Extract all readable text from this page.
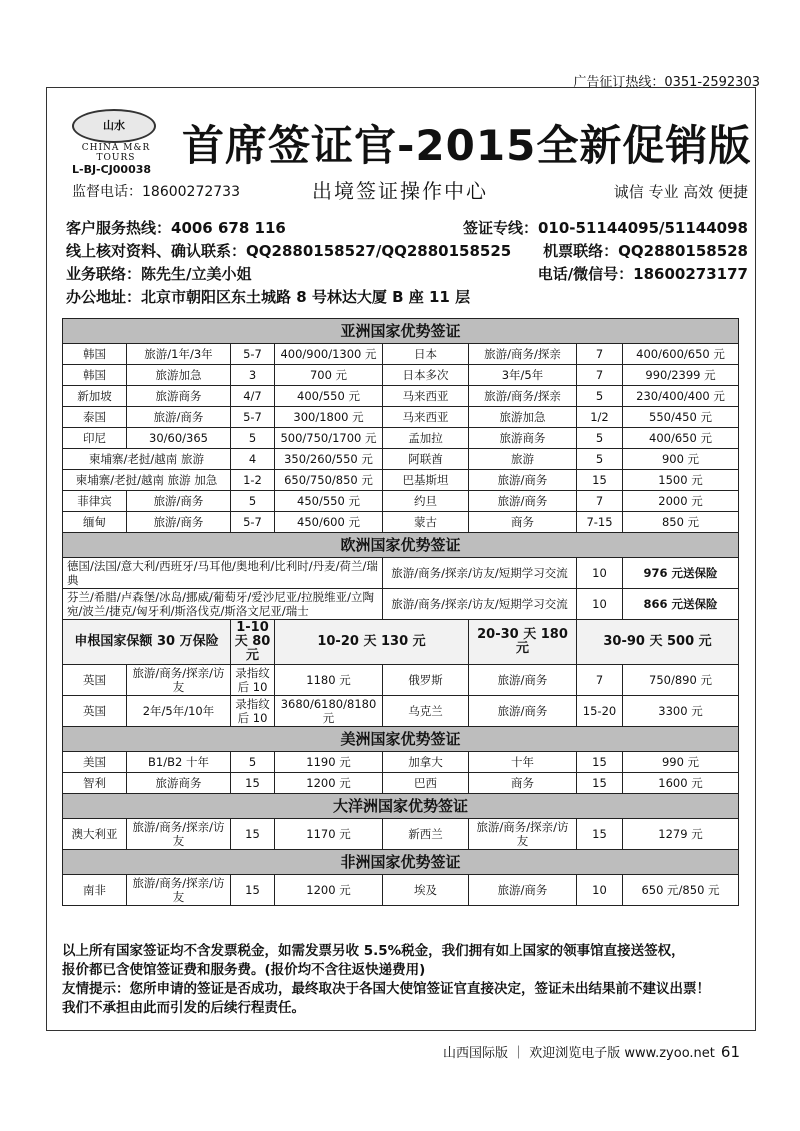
广告征订热线：0351-2592303
山水
CHINA M&R
TOURS
L-BJ-CJ00038 首席签证官-2015全新促销版
监督电话：18600272733	出境签证操作中心	诚信 专业 高效 便捷
客户服务热线：4006 678 116	签证专线：010-51144095/51144098
线上核对资料、确认联系：QQ2880158527/QQ2880158525 机票联络：QQ2880158528
业务联络：陈先生/立美小姐	电话/微信号：18600273177
办公地址：北京市朝阳区东土城路 8 号林达大厦 B 座 11 层
亚洲国家优势签证							
韩国	旅游/1年/3年	5-7	400/900/1300 元	日本	旅游/商务/探亲	7	400/600/650 元
韩国	旅游加急	3	700 元	日本多次	3年/5年	7	990/2399 元
新加坡	旅游商务	4/7	400/550 元	马来西亚	旅游/商务/探亲	5	230/400/400 元
泰国	旅游/商务	5-7	300/1800 元	马来西亚	旅游加急	1/2	550/450 元
印尼	30/60/365	5	500/750/1700 元	孟加拉	旅游商务	5	400/650 元
柬埔寨/老挝/越南 旅游		4	350/260/550 元	阿联酋	旅游	5	900 元
柬埔寨/老挝/越南 旅游 加急		1-2	650/750/850 元	巴基斯坦	旅游/商务	15	1500 元
菲律宾	旅游/商务	5	450/550 元	约旦	旅游/商务	7	2000 元
缅甸	旅游/商务	5-7	450/600 元	蒙古	商务	7-15	850 元
欧洲国家优势签证							
德国/法国/意大利/西班牙/马耳他/奥地利/比利时/丹麦/荷兰/瑞典				旅游/商务/探亲/访友/短期学习交流		10	976 元送保险
芬兰/希腊/卢森堡/冰岛/挪威/葡萄牙/爱沙尼亚/拉脱维亚/立陶宛/波兰/捷克/匈牙利/斯洛伐克/斯洛文尼亚/瑞士				旅游/商务/探亲/访友/短期学习交流		10	866 元送保险
申根国家保额 30 万保险		1-10 天 80 元	10-20 天 130 元		20-30 天 180 元	30-90 天 500 元	
英国	旅游/商务/探亲/访友	录指纹后 10	1180 元	俄罗斯	旅游/商务	7	750/890 元
英国	2年/5年/10年	录指纹后 10	3680/6180/8180 元	乌克兰	旅游/商务	15-20	3300 元
美洲国家优势签证							
美国	B1/B2 十年	5	1190 元	加拿大	十年	15	990 元
智利	旅游商务	15	1200 元	巴西	商务	15	1600 元
大洋洲国家优势签证							
澳大利亚	旅游/商务/探亲/访友	15	1170 元	新西兰	旅游/商务/探亲/访友	15	1279 元
非洲国家优势签证							
南非	旅游/商务/探亲/访友	15	1200 元	埃及	旅游/商务	10	650 元/850 元
以上所有国家签证均不含发票税金，如需发票另收 5.5%税金，我们拥有如上国家的领事馆直接送签权，
报价都已含使馆签证费和服务费。(报价均不含往返快递费用)
友情提示：您所申请的签证是否成功，最终取决于各国大使馆签证官直接决定，签证未出结果前不建议出票！
我们不承担由此而引发的后续行程责任。
山西国际版 ｜ 欢迎浏览电子版 www.zyoo.net 61
